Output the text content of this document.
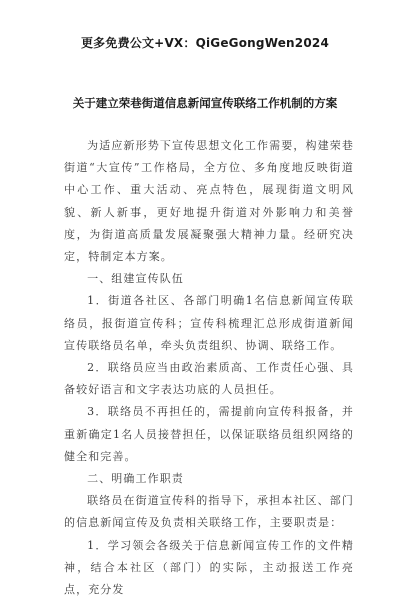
更多免费公文+VX：QiGeGongWen2024
关于建立荣巷街道信息新闻宣传联络工作机制的方案

为适应新形势下宣传思想文化工作需要，构建荣巷街道“大宣传”工作格局，全方位、多角度地反映街道中心工作、重大活动、亮点特色，展现街道文明风貌、新人新事，更好地提升街道对外影响力和美誉度，为街道高质量发展凝聚强大精神力量。经研究决定，特制定本方案。

一、组建宣传队伍

1．街道各社区、各部门明确1名信息新闻宣传联络员，报街道宣传科；宣传科梳理汇总形成街道新闻宣传联络员名单，牵头负责组织、协调、联络工作。

2．联络员应当由政治素质高、工作责任心强、具备较好语言和文字表达功底的人员担任。

3．联络员不再担任的，需提前向宣传科报备，并重新确定1名人员接替担任，以保证联络员组织网络的健全和完善。

二、明确工作职责

联络员在街道宣传科的指导下，承担本社区、部门的信息新闻宣传及负责相关联络工作，主要职责是：

1．学习领会各级关于信息新闻宣传工作的文件精神，结合本社区（部门）的实际，主动报送工作亮点，充分发
